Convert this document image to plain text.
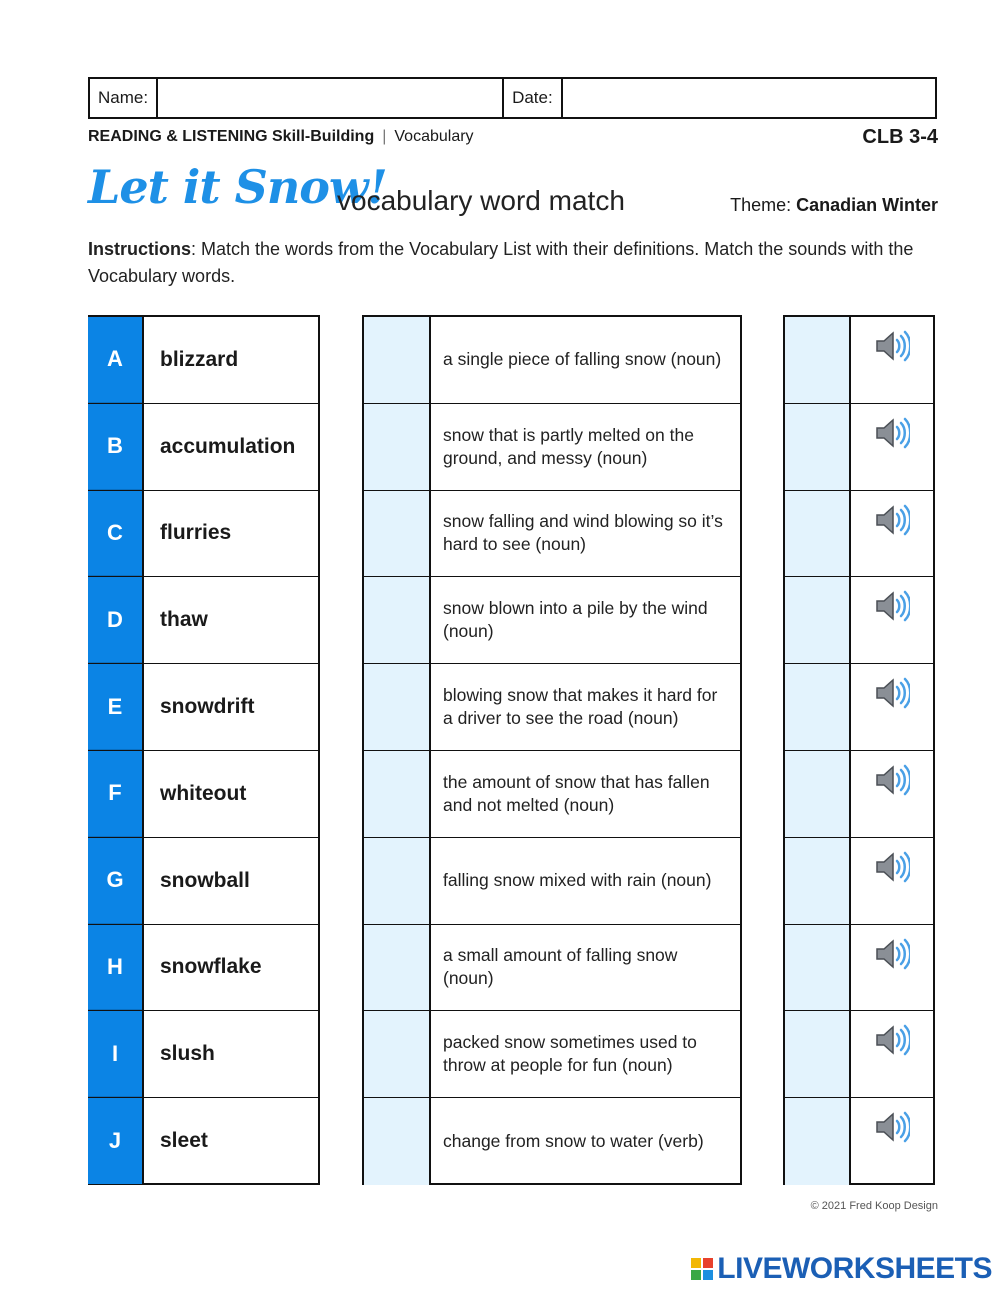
Name:	Date:
READING & LISTENING Skill-Building | Vocabulary	CLB 3-4
Let it Snow!
vocabulary word match	Theme: Canadian Winter
Instructions: Match the words from the Vocabulary List with their definitions. Match the sounds with the Vocabulary words.
A	blizzard
B	accumulation
C	flurries
D	thaw
E	snowdrift
F	whiteout
G	snowball
H	snowflake
I	slush
J	sleet
a single piece of falling snow (noun)
snow that is partly melted on the ground, and messy (noun)
snow falling and wind blowing so it’s hard to see (noun)
snow blown into a pile by the wind (noun)
blowing snow that makes it hard for a driver to see the road (noun)
the amount of snow that has fallen and not melted (noun)
falling snow mixed with rain (noun)
a small amount of falling snow (noun)
packed snow sometimes used to throw at people for fun (noun)
change from snow to water (verb)
© 2021 Fred Koop Design
LIVEWORKSHEETS
